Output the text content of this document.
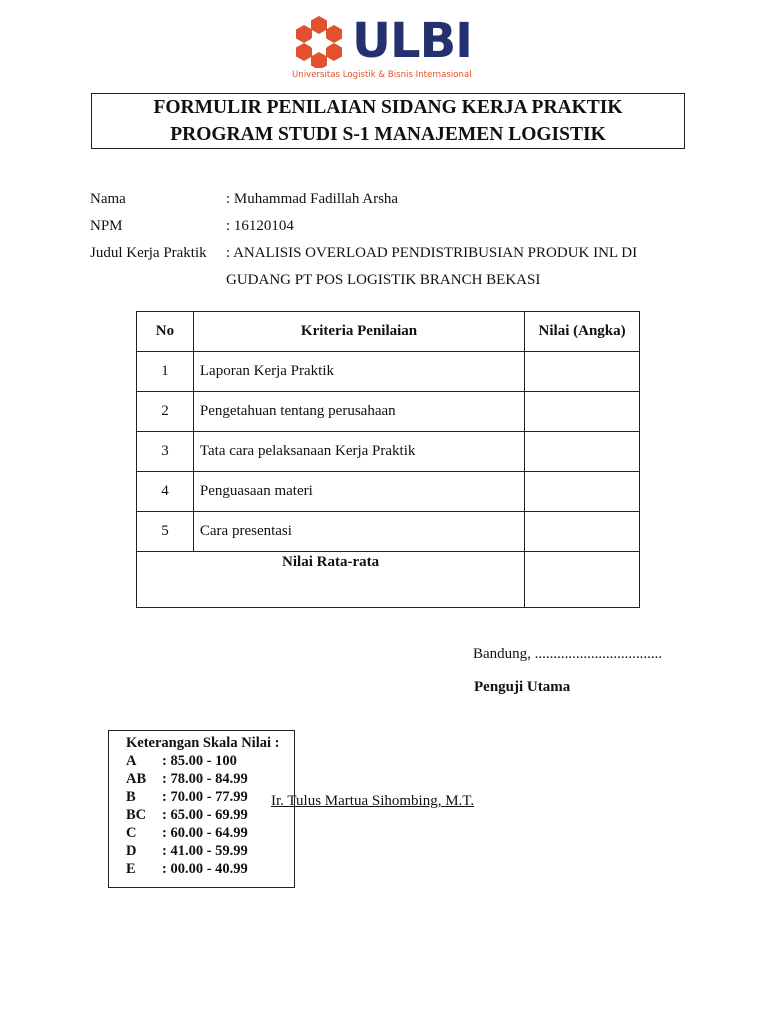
ULBI
Universitas Logistik & Bisnis Internasional
FORMULIR PENILAIAN SIDANG KERJA PRAKTIK
PROGRAM STUDI S-1 MANAJEMEN LOGISTIK
Nama	: Muhammad Fadillah Arsha
NPM	: 16120104
Judul Kerja Praktik : ANALISIS OVERLOAD PENDISTRIBUSIAN PRODUK INL DI
GUDANG PT POS LOGISTIK BRANCH BEKASI
No	Kriteria Penilaian	Nilai (Angka)
1	Laporan Kerja Praktik	
2	Pengetahuan tentang perusahaan	
3	Tata cara pelaksanaan Kerja Praktik	
4	Penguasaan materi	
5	Cara presentasi	
Nilai Rata-rata		
Bandung, ..................................
Penguji Utama
Keterangan Skala Nilai :
A : 85.00 - 100
AB : 78.00 - 84.99
B : 70.00 - 77.99
BC : 65.00 - 69.99
C : 60.00 - 64.99
D : 41.00 - 59.99
E : 00.00 - 40.99
Ir. Tulus Martua Sihombing, M.T.
